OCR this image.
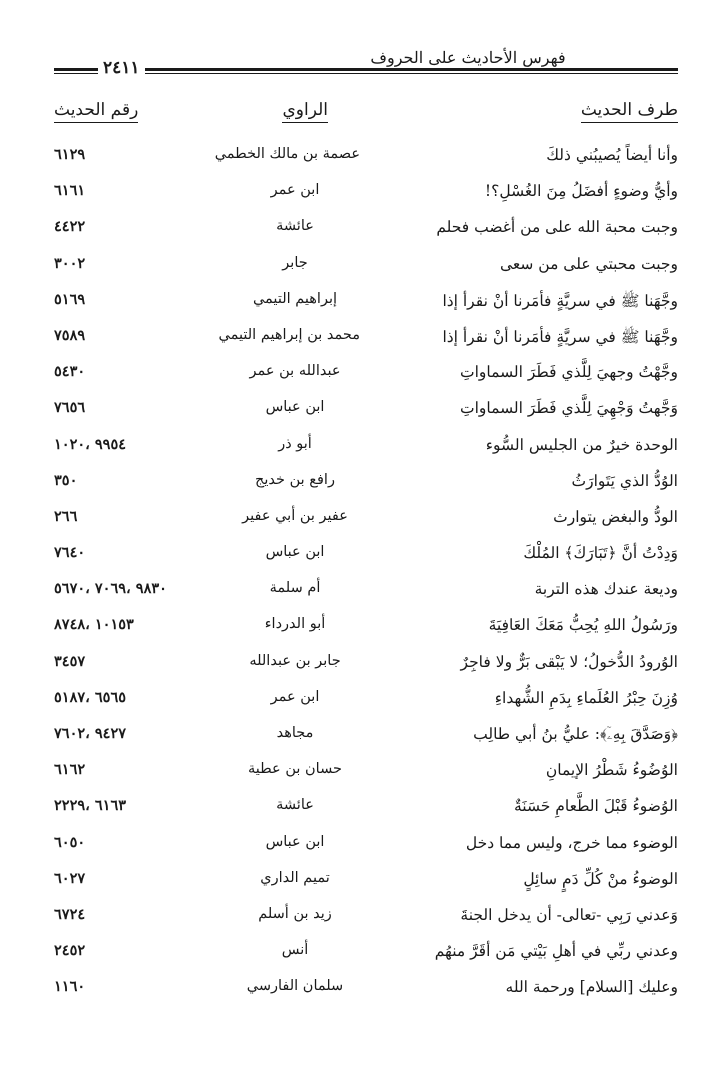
فهرس الأحاديث على الحروف
٢٤١١
طرف الحديث
الراوي
رقم الحديث
وأنا أيضاً يُصيبُني ذلكَ
عصمة بن مالك الخطمي
٦١٢٩
وأيُّ وضوءٍ أفضَلُ مِنَ الغُسْلِ؟!
ابن عمر
٦١٦١
وجبت محبة الله على من أغضب فحلم
عائشة
٤٤٢٢
وجبت محبتي على من سعى
جابر
٣٠٠٢
وجَّهَنا ﷺ في سريَّةٍ فأمَرنا أنْ نقرأ إذا
إبراهيم التيمي
٥١٦٩
وجَّهَنا ﷺ في سريَّةٍ فأمَرنا أنْ نقرأ إذا
محمد بن إبراهيم التيمي
٧٥٨٩
وجَّهْتُ وجهيَ لِلَّذي فَطَرَ السماواتِ
عبدالله بن عمر
٥٤٣٠
وَجَّهتُ وَجْهِيَ لِلَّذي فَطَرَ السماواتِ
ابن عباس
٧٦٥٦
الوحدة خيرٌ من الجليس السُّوء
أبو ذر
٩٩٥٤ ،١٠٢٠
الوُدُّ الذي يَتَوارَثُ
رافع بن خديج
٣٥٠
الودُّ والبغض يتوارث
عفير بن أبي عفير
٢٦٦
وَدِدْتُ أنَّ ﴿تَبَارَكَ﴾ المُلْكَ
ابن عباس
٧٦٤٠
وديعة عندك هذه التربة
أم سلمة
٩٨٣٠ ،٧٠٦٩ ،٥٦٧٠
ورَسُولُ اللهِ يُحِبُّ مَعَكَ العَافِيَةَ
أبو الدرداء
١٠١٥٣ ،٨٧٤٨
الوُرودُ الدُّخولُ؛ لا يَبْقى بَرٌّ ولا فاجِرٌ
جابر بن عبدالله
٣٤٥٧
وُزِنَ حِبْرُ العُلَماءِ بِدَمِ الشُّهداءِ
ابن عمر
٦٥٦٥ ،٥١٨٧
﴿وَصَدَّقَ بِهِۦٓ﴾: عليُّ بنُ أبي طالِب
مجاهد
٩٤٢٧ ،٧٦٠٢
الوُضُوءُ شَطْرُ الإيمانِ
حسان بن عطية
٦١٦٢
الوُضوءُ قَبْلَ الطَّعامِ حَسَنَةٌ
عائشة
٦١٦٣ ،٢٢٢٩
الوضوء مما خرج، وليس مما دخل
ابن عباس
٦٠٥٠
الوضوءُ منْ كُلِّ دَمٍ سائِلٍ
تميم الداري
٦٠٢٧
وَعدني رَبِي -تعالى- أن يدخل الجنةَ
زيد بن أسلم
٦٧٢٤
وعدني ربِّي في أهلِ بَيْتي مَن أقَرَّ منهُم
أنس
٢٤٥٢
وعليك [السلام] ورحمة الله
سلمان الفارسي
١١٦٠
